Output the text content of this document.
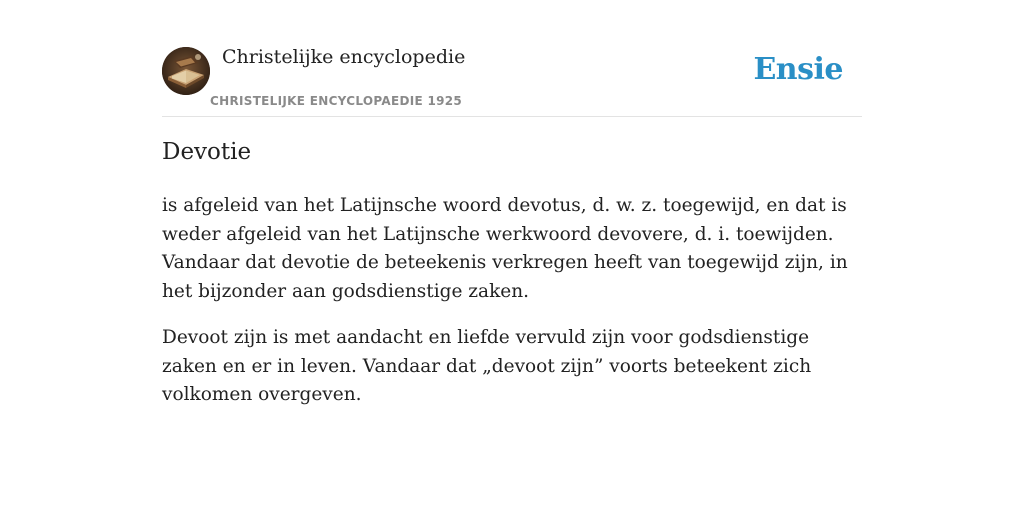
Christelijke encyclopedie
CHRISTELIJKE ENCYCLOPAEDIE 1925
Ensie
Devotie

is afgeleid van het Latijnsche woord devotus, d. w. z. toegewijd, en dat is weder afgeleid van het Latijnsche werkwoord devovere, d. i. toewijden. Vandaar dat devotie de beteekenis verkregen heeft van toegewijd zijn, in het bijzonder aan godsdienstige zaken.

Devoot zijn is met aandacht en liefde vervuld zijn voor godsdienstige zaken en er in leven. Vandaar dat „devoot zijn” voorts beteekent zich volkomen overgeven.
